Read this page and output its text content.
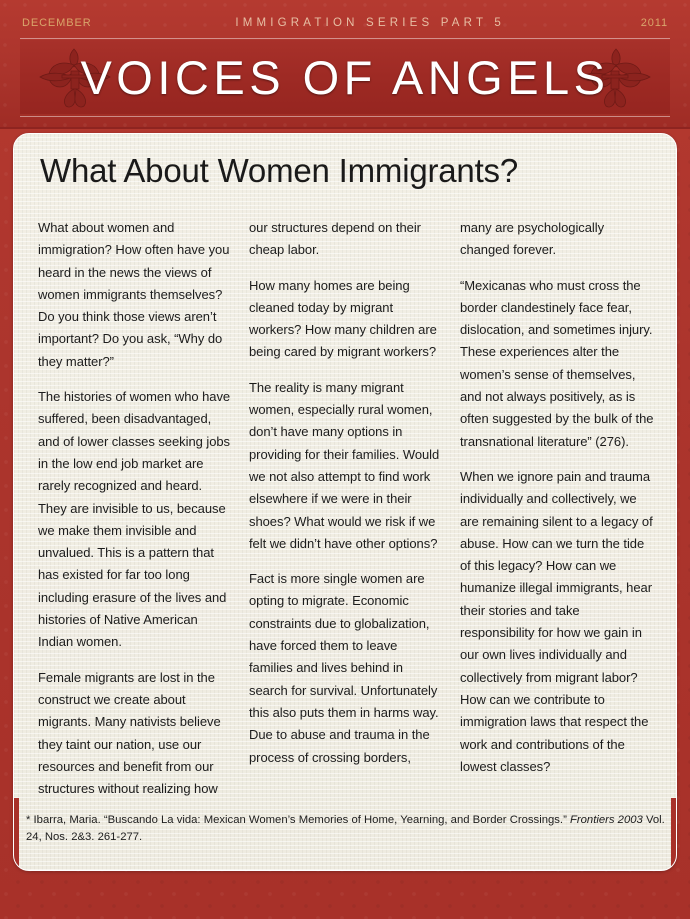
DECEMBER	IMMIGRATION SERIES PART 5	2011
VOICES OF ANGELS
What About Women Immigrants?

What about women and immigration? How often have you heard in the news the views of women immigrants themselves? Do you think those views aren’t important? Do you ask, “Why do they matter?”

The histories of women who have suffered, been disadvantaged, and of lower classes seeking jobs in the low end job market are rarely recognized and heard. They are invisible to us, because we make them invisible and unvalued. This is a pattern that has existed for far too long including erasure of the lives and histories of Native American Indian women.

Female migrants are lost in the construct we create about migrants. Many nativists believe they taint our nation, use our resources and benefit from our structures without realizing how

our structures depend on their cheap labor.

How many homes are being cleaned today by migrant workers? How many children are being cared by migrant workers?

The reality is many migrant women, especially rural women, don’t have many options in providing for their families. Would we not also attempt to find work elsewhere if we were in their shoes? What would we risk if we felt we didn’t have other options?

Fact is more single women are opting to migrate. Economic constraints due to globalization, have forced them to leave families and lives behind in search for survival. Unfortunately this also puts them in harms way. Due to abuse and trauma in the process of crossing borders,

many are psychologically changed forever.

“Mexicanas who must cross the border clandestinely face fear, dislocation, and sometimes injury. These experiences alter the women’s sense of themselves, and not always positively, as is often suggested by the bulk of the transnational literature” (276).

When we ignore pain and trauma individually and collectively, we are remaining silent to a legacy of abuse. How can we turn the tide of this legacy? How can we humanize illegal immigrants, hear their stories and take responsibility for how we gain in our own lives individually and collectively from migrant labor? How can we contribute to immigration laws that respect the work and contributions of the lowest classes?

* Ibarra, Maria. “Buscando La vida: Mexican Women’s Memories of Home, Yearning, and Border Crossings.” Frontiers 2003 Vol. 24, Nos. 2&3. 261-277.
